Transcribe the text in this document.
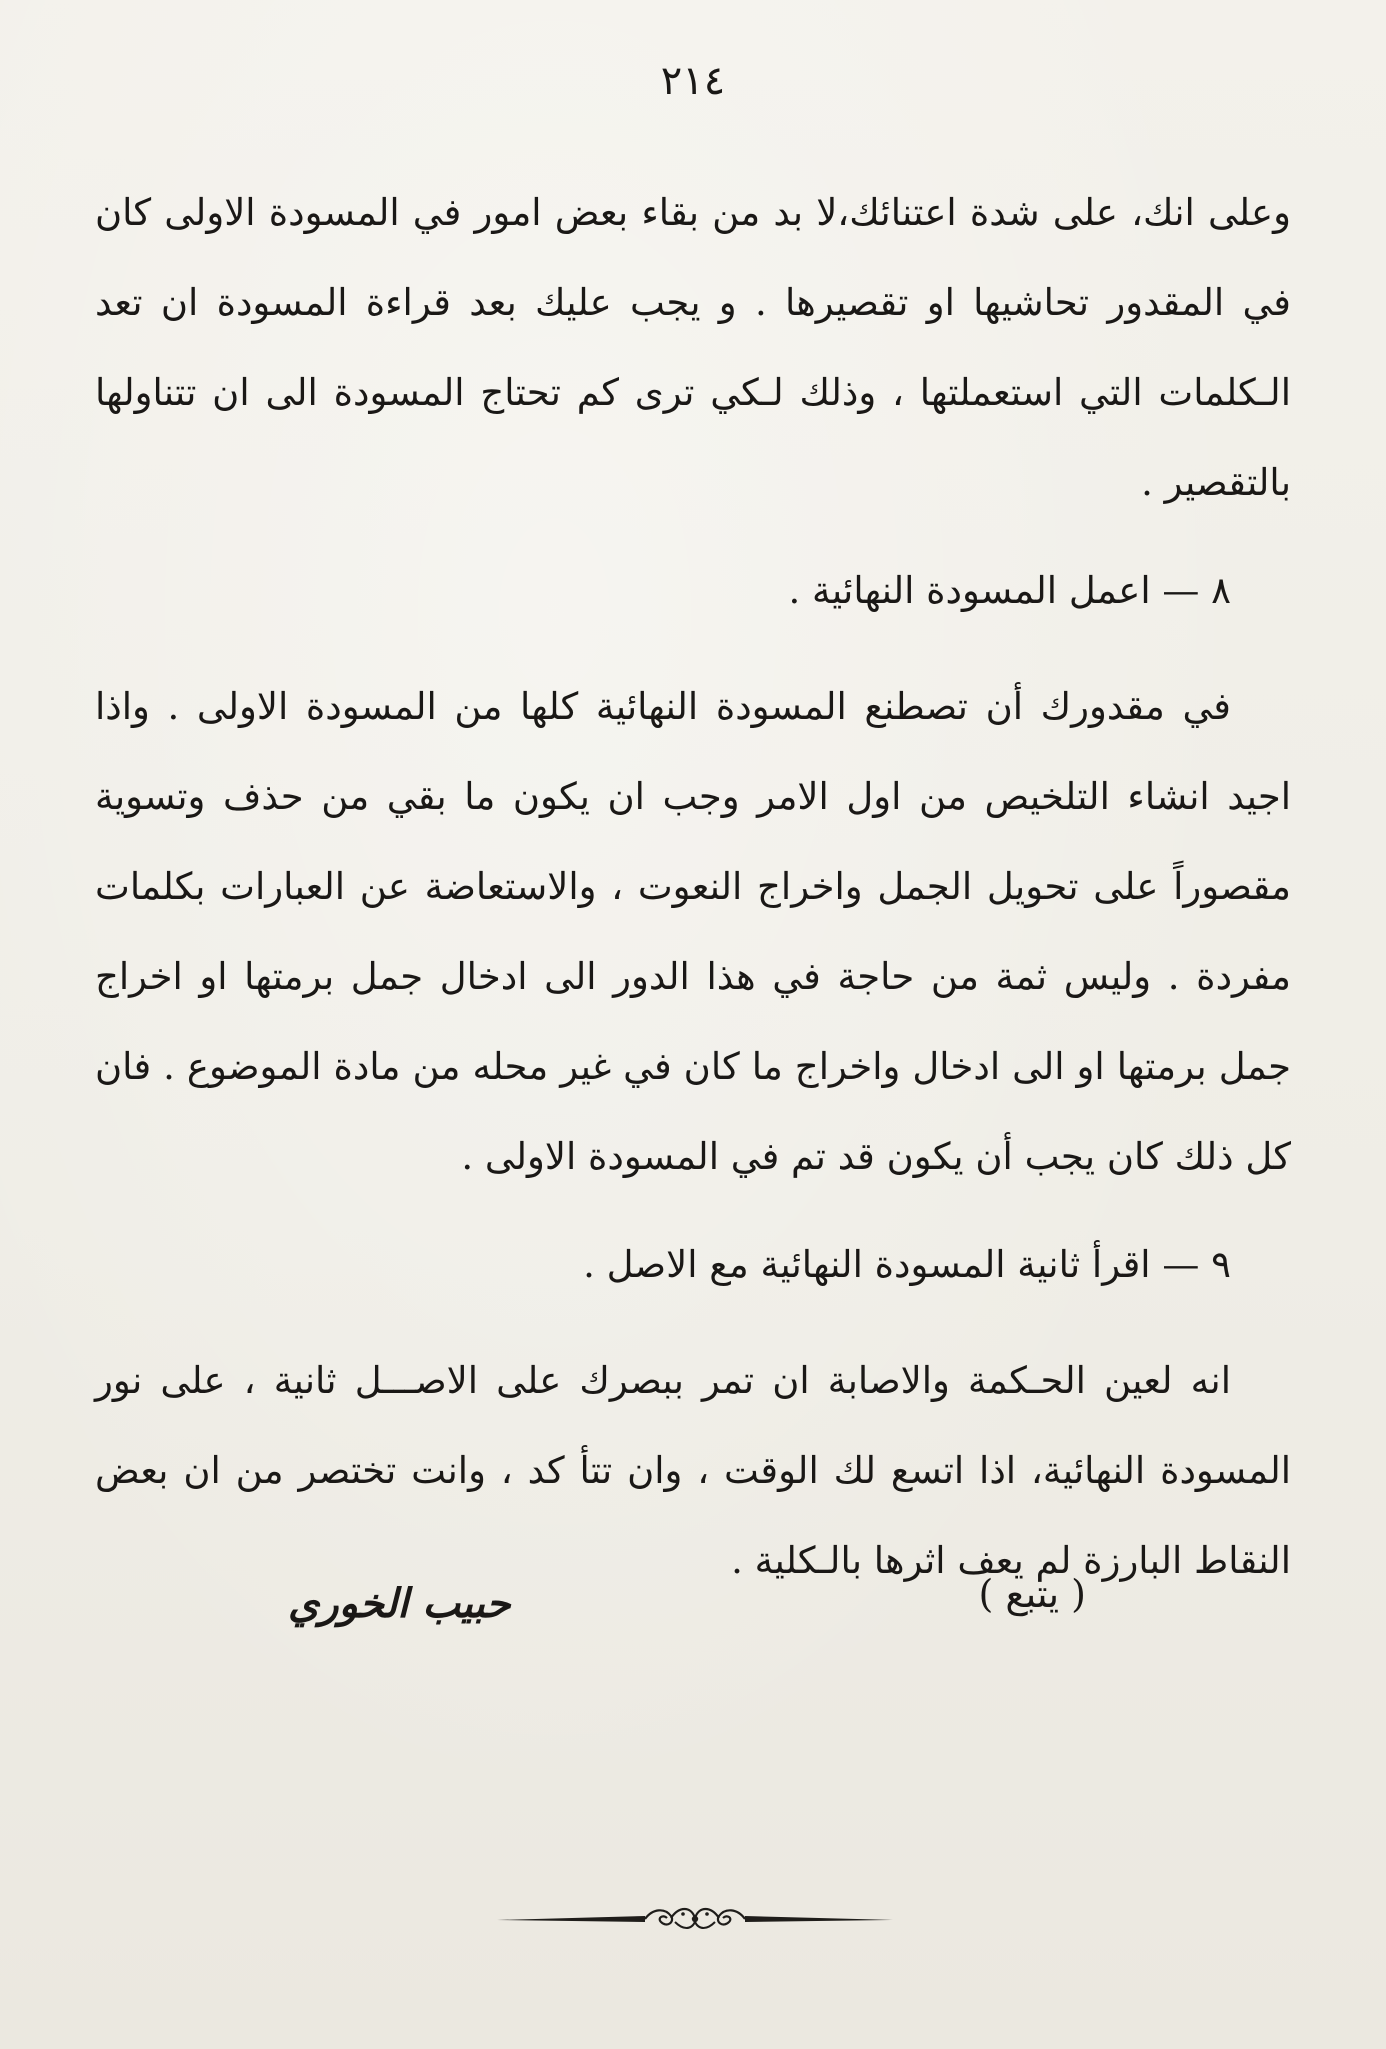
٢١٤

وعلى انك، على شدة اعتنائك،لا بد من بقاء بعض امور في المسودة الاولى كان في المقدور تحاشيها او تقصيرها . و يجب عليك بعد قراءة المسودة ان تعد الـكلمات التي استعملتها ، وذلك لـكي ترى كم تحتاج المسودة الى ان تتناولها بالتقصير .

٨ — اعمل المسودة النهائية .

في مقدورك أن تصطنع المسودة النهائية كلها من المسودة الاولى . واذا اجيد انشاء التلخيص من اول الامر وجب ان يكون ما بقي من حذف وتسوية مقصوراً على تحويل الجمل واخراج النعوت ، والاستعاضة عن العبارات بكلمات مفردة . وليس ثمة من حاجة في هذا الدور الى ادخال جمل برمتها او اخراج جمل برمتها او الى ادخال واخراج ما كان في غير محله من مادة الموضوع . فان كل ذلك كان يجب أن يكون قد تم في المسودة الاولى .

٩ — اقرأ ثانية المسودة النهائية مع الاصل .

انه لعين الحـكمة والاصابة ان تمر ببصرك على الاصـــل ثانية ، على نور المسودة النهائية، اذا اتسع لك الوقت ، وان تتأ كد ، وانت تختصر من ان بعض النقاط البارزة لم يعف اثرها بالـكلية .

( يتبع )
حبيب الخوري
